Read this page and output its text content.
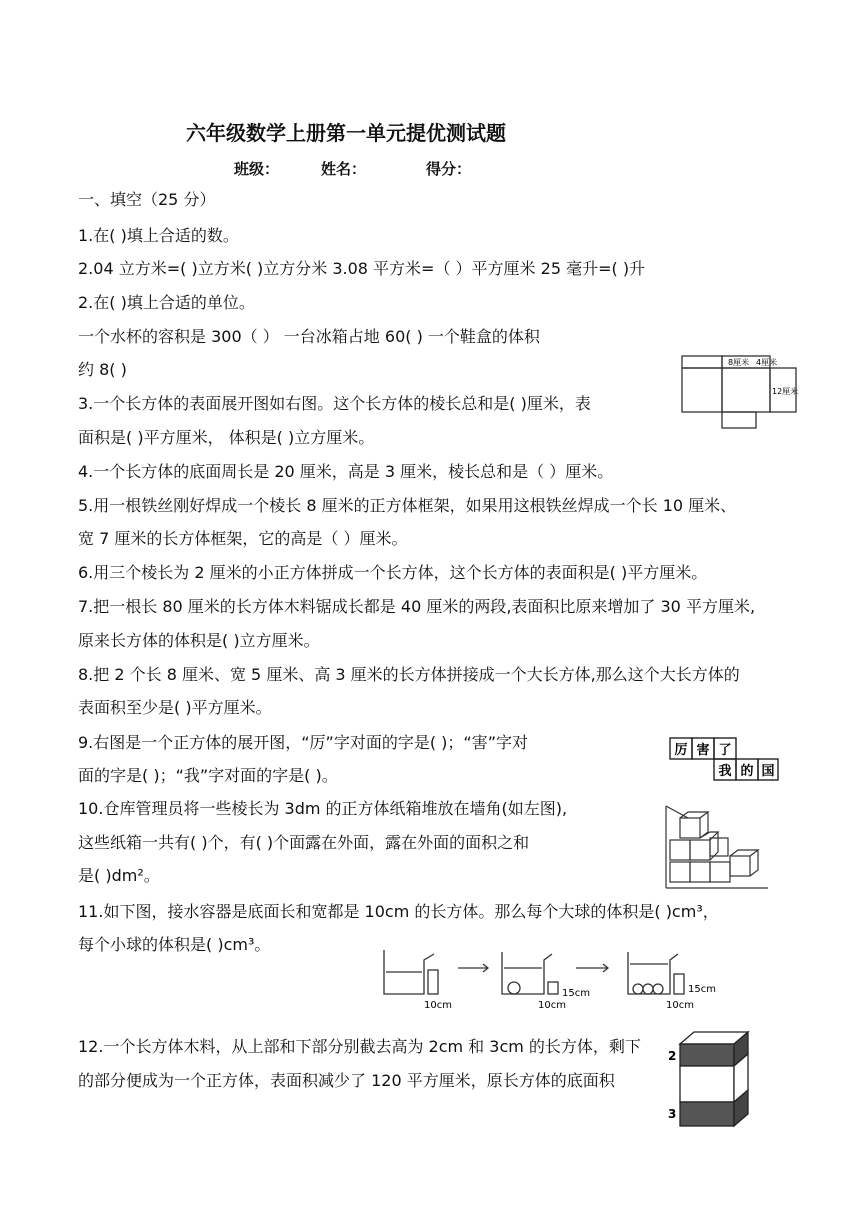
六年级数学上册第一单元提优测试题
班级：	姓名：	得分：
一、填空（25 分）
1.在( )填上合适的数。
2.04 立方米=( )立方米( )立方分米 3.08 平方米=（ ）平方厘米 25 毫升=( )升
2.在( )填上合适的单位。
一个水杯的容积是 300（ ） 一台冰箱占地 60( ) 一个鞋盒的体积
约 8( )
3.一个长方体的表面展开图如右图。这个长方体的棱长总和是( )厘米，表
面积是( )平方厘米， 体积是( )立方厘米。
4.一个长方体的底面周长是 20 厘米，高是 3 厘米，棱长总和是（ ）厘米。
5.用一根铁丝刚好焊成一个棱长 8 厘米的正方体框架，如果用这根铁丝焊成一个长 10 厘米、
宽 7 厘米的长方体框架，它的高是（ ）厘米。
6.用三个棱长为 2 厘米的小正方体拼成一个长方体，这个长方体的表面积是( )平方厘米。
7.把一根长 80 厘米的长方体木料锯成长都是 40 厘米的两段,表面积比原来增加了 30 平方厘米,
原来长方体的体积是( )立方厘米。
8.把 2 个长 8 厘米、宽 5 厘米、高 3 厘米的长方体拼接成一个大长方体,那么这个大长方体的
表面积至少是( )平方厘米。
9.右图是一个正方体的展开图，“厉”字对面的字是( )；“害”字对
面的字是( )；“我”字对面的字是( )。
10.仓库管理员将一些棱长为 3dm 的正方体纸箱堆放在墙角(如左图),
这些纸箱一共有( )个，有( )个面露在外面，露在外面的面积之和
是( )dm²。
11.如下图，接水容器是底面长和宽都是 10cm 的长方体。那么每个大球的体积是( )cm³，
每个小球的体积是( )cm³。
12.一个长方体木料，从上部和下部分别截去高为 2cm 和 3cm 的长方体，剩下
的部分便成为一个正方体，表面积减少了 120 平方厘米，原长方体的底面积
8厘米 4厘米
12厘米
厉 害 了
我 的 国
10cm	10cm
15cm
10cm
15cm
2
3
